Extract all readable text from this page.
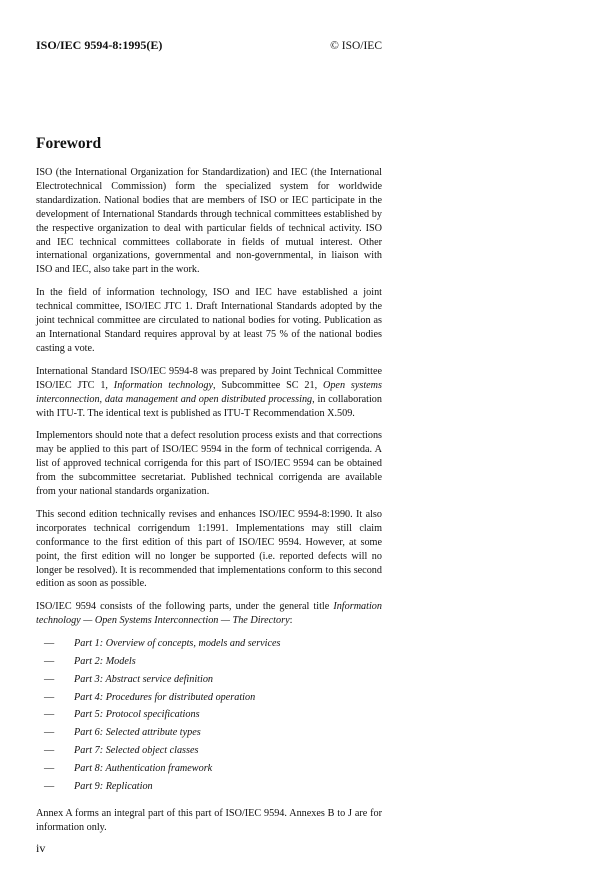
ISO/IEC 9594-8:1995(E)	© ISO/IEC
Foreword

ISO (the International Organization for Standardization) and IEC (the International Electrotechnical Commission) form the specialized system for worldwide standardization. National bodies that are members of ISO or IEC participate in the development of International Standards through technical committees established by the respective organization to deal with particular fields of technical activity. ISO and IEC technical committees collaborate in fields of mutual interest. Other international organizations, governmental and non-governmental, in liaison with ISO and IEC, also take part in the work.

In the field of information technology, ISO and IEC have established a joint technical committee, ISO/IEC JTC 1. Draft International Standards adopted by the joint technical committee are circulated to national bodies for voting. Publication as an International Standard requires approval by at least 75 % of the national bodies casting a vote.

International Standard ISO/IEC 9594-8 was prepared by Joint Technical Committee ISO/IEC JTC 1, Information technology, Subcommittee SC 21, Open systems interconnection, data management and open distributed processing, in collaboration with ITU-T. The identical text is published as ITU-T Recommendation X.509.

Implementors should note that a defect resolution process exists and that corrections may be applied to this part of ISO/IEC 9594 in the form of technical corrigenda. A list of approved technical corrigenda for this part of ISO/IEC 9594 can be obtained from the subcommittee secretariat. Published technical corrigenda are available from your national standards organization.

This second edition technically revises and enhances ISO/IEC 9594-8:1990. It also incorporates technical corrigendum 1:1991. Implementations may still claim conformance to the first edition of this part of ISO/IEC 9594. However, at some point, the first edition will no longer be supported (i.e. reported defects will no longer be resolved). It is recommended that implementations conform to this second edition as soon as possible.

ISO/IEC 9594 consists of the following parts, under the general title Information technology — Open Systems Interconnection — The Directory:

—	Part 1: Overview of concepts, models and services
—	Part 2: Models
—	Part 3: Abstract service definition
—	Part 4: Procedures for distributed operation
—	Part 5: Protocol specifications
—	Part 6: Selected attribute types
—	Part 7: Selected object classes
—	Part 8: Authentication framework
—	Part 9: Replication

Annex A forms an integral part of this part of ISO/IEC 9594. Annexes B to J are for information only.

iv
